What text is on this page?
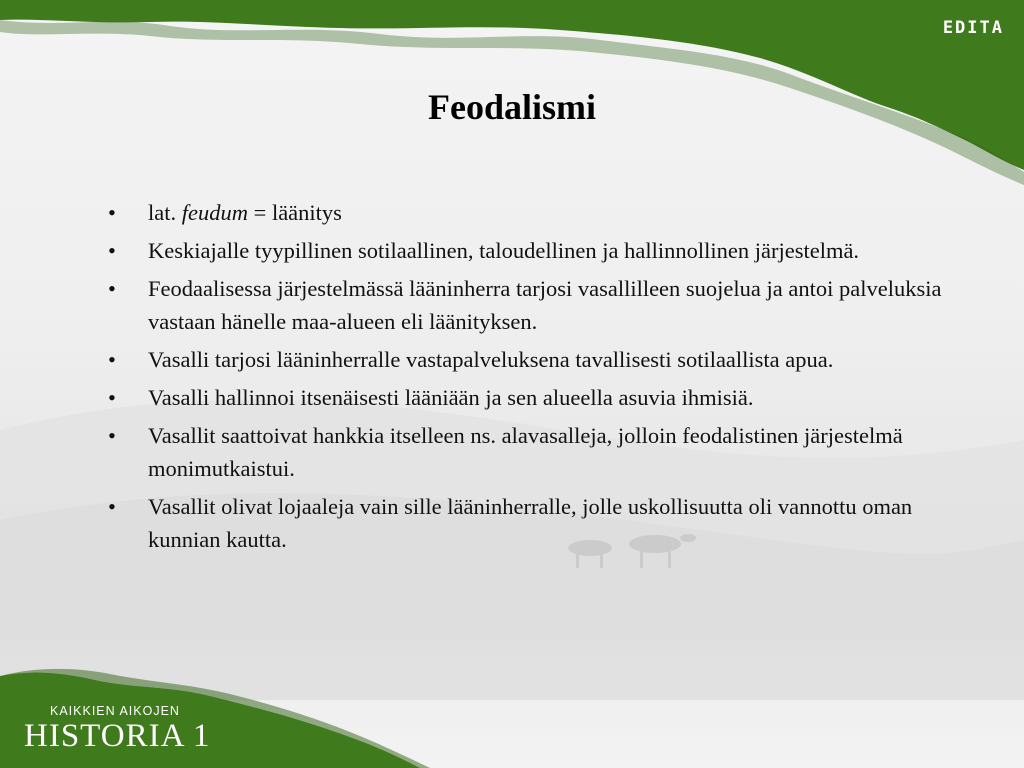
EDITA
Feodalismi
• lat. feudum = läänitys
• Keskiajalle tyypillinen sotilaallinen, taloudellinen ja hallinnollinen järjestelmä.
• Feodaalisessa järjestelmässä lääninherra tarjosi vasallilleen suojelua ja antoi palveluksia vastaan hänelle maa-alueen eli läänityksen.
• Vasalli tarjosi lääninherralle vastapalveluksena tavallisesti sotilaallista apua.
• Vasalli hallinnoi itsenäisesti lääniään ja sen alueella asuvia ihmisiä.
• Vasallit saattoivat hankkia itselleen ns. alavasalleja, jolloin feodalistinen järjestelmä monimutkaistui.
• Vasallit olivat lojaaleja vain sille lääninherralle, jolle uskollisuutta oli vannottu oman kunnian kautta.
KAIKKIEN AIKOJEN
HISTORIA 1
